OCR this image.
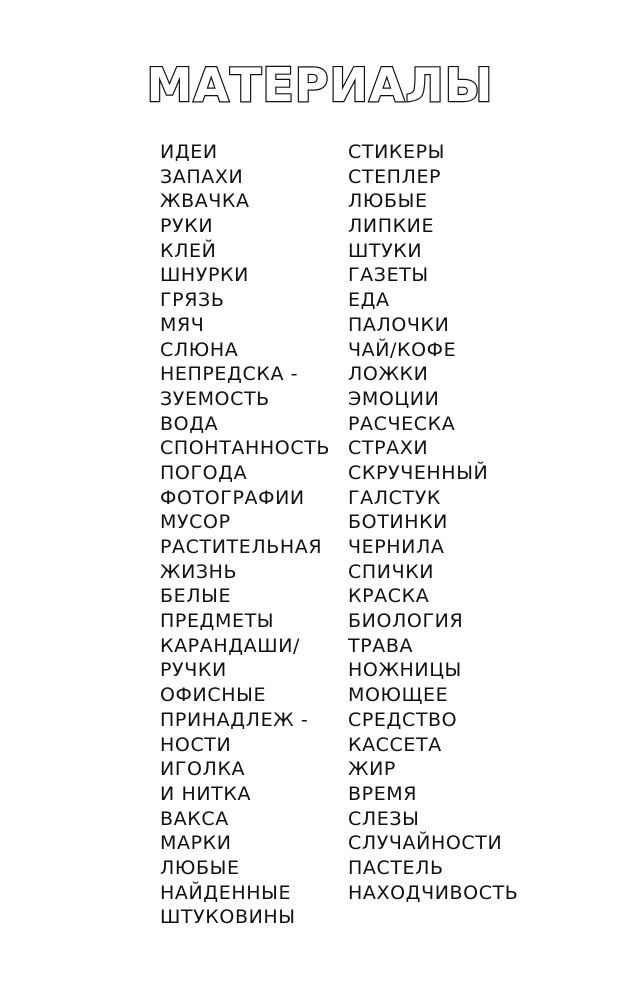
МАТЕРИАЛЫ
ИДЕИ
ЗАПАХИ
ЖВАЧКА
РУКИ
КЛЕЙ
ШНУРКИ
ГРЯЗЬ
МЯЧ
СЛЮНА
НЕПРЕДСКА -
ЗУЕМОСТЬ
ВОДА
СПОНТАННОСТЬ
ПОГОДА
ФОТОГРАФИИ
МУСОР
РАСТИТЕЛЬНАЯ
ЖИЗНЬ
БЕЛЫЕ
ПРЕДМЕТЫ
КАРАНДАШИ/
РУЧКИ
ОФИСНЫЕ
ПРИНАДЛЕЖ -
НОСТИ
ИГОЛКА
И НИТКА
ВАКСА
МАРКИ
ЛЮБЫЕ
НАЙДЕННЫЕ
ШТУКОВИНЫ
СТИКЕРЫ
СТЕПЛЕР
ЛЮБЫЕ
ЛИПКИЕ
ШТУКИ
ГАЗЕТЫ
ЕДА
ПАЛОЧКИ
ЧАЙ/КОФЕ
ЛОЖКИ
ЭМОЦИИ
РАСЧЕСКА
СТРАХИ
СКРУЧЕННЫЙ
ГАЛСТУК
БОТИНКИ
ЧЕРНИЛА
СПИЧКИ
КРАСКА
БИОЛОГИЯ
ТРАВА
НОЖНИЦЫ
МОЮЩЕЕ
СРЕДСТВО
КАССЕТА
ЖИР
ВРЕМЯ
СЛЕЗЫ
СЛУЧАЙНОСТИ
ПАСТЕЛЬ
НАХОДЧИВОСТЬ
